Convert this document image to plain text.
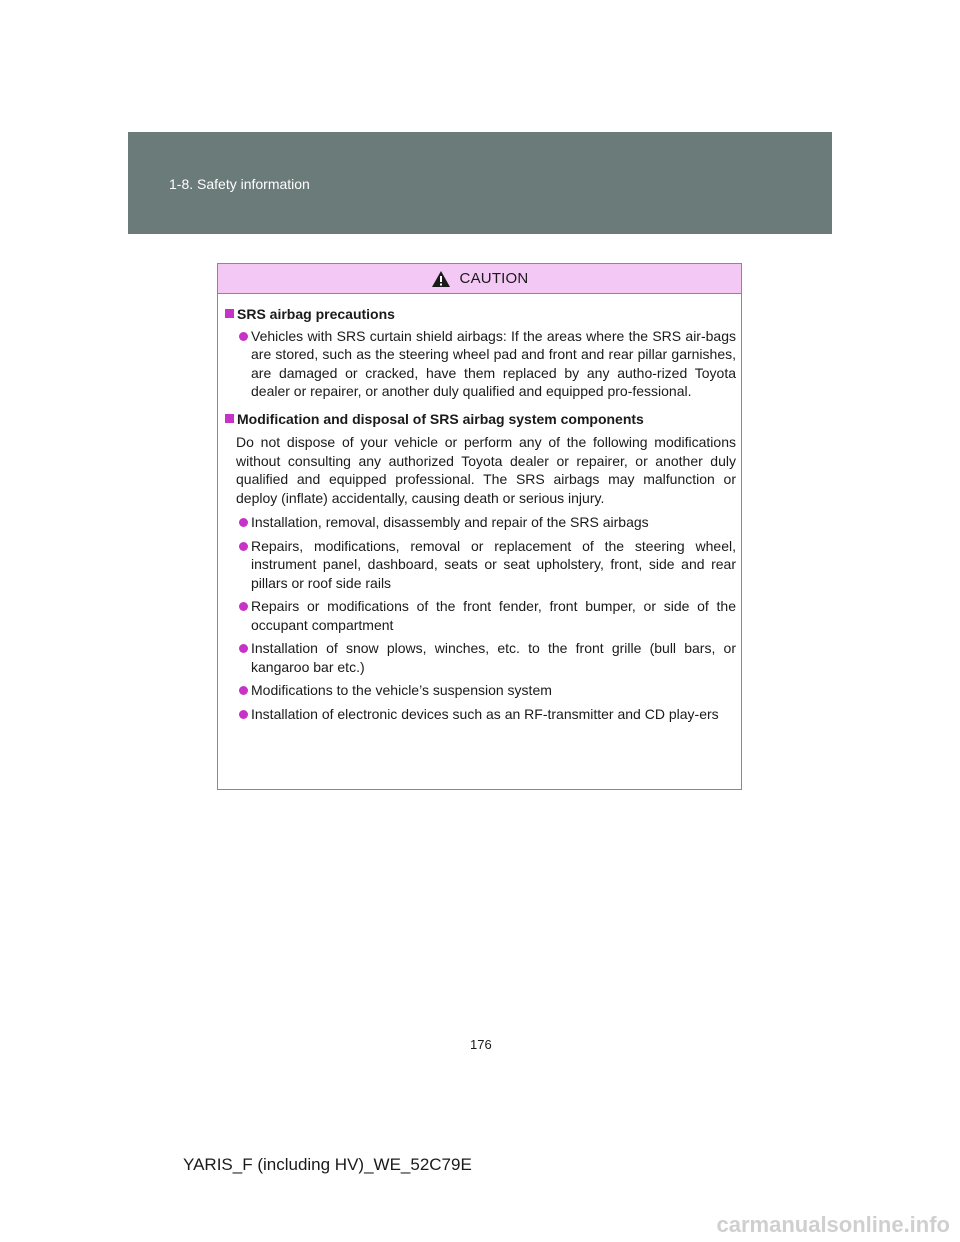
1-8. Safety information
CAUTION
SRS airbag precautions
Vehicles with SRS curtain shield airbags: If the areas where the SRS air-bags are stored, such as the steering wheel pad and front and rear pillar garnishes, are damaged or cracked, have them replaced by any autho-rized Toyota dealer or repairer, or another duly qualified and equipped pro-fessional.
Modification and disposal of SRS airbag system components
Do not dispose of your vehicle or perform any of the following modifications without consulting any authorized Toyota dealer or repairer, or another duly qualified and equipped professional. The SRS airbags may malfunction or deploy (inflate) accidentally, causing death or serious injury.
Installation, removal, disassembly and repair of the SRS airbags
Repairs, modifications, removal or replacement of the steering wheel, instrument panel, dashboard, seats or seat upholstery, front, side and rear pillars or roof side rails
Repairs or modifications of the front fender, front bumper, or side of the occupant compartment
Installation of snow plows, winches, etc. to the front grille (bull bars, or kangaroo bar etc.)
Modifications to the vehicle’s suspension system
Installation of electronic devices such as an RF-transmitter and CD play-ers
176
YARIS_F (including HV)_WE_52C79E
carmanualsonline.info
